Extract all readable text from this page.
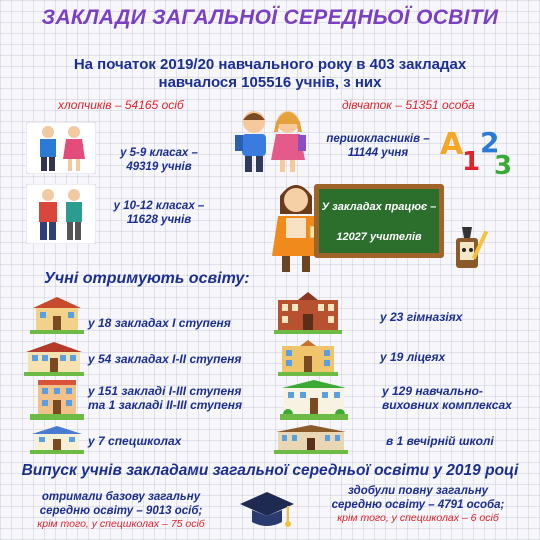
ЗАКЛАДИ ЗАГАЛЬНОЇ СЕРЕДНЬОЇ ОСВІТИ
На початок 2019/20 навчального року в 403 закладах
навчалося 105516 учнів, з них
хлопчиків – 54165 осіб	дівчаток – 51351 особа
у 5-9 класах –
49319 учнів
у 10-12 класах –
11628 учнів
першокласників –
11144 учня	A
1
2
3
У закладах працює –
12027 учителів
Учні отримують освіту:
у 18 закладах І ступеня
у 54 закладах І-ІІ ступеня
у 151 закладі І-ІІІ ступеня
та 1 закладі ІІ-ІІІ ступеня
у 7 спецшколах
у 23 гімназіях
у 19 ліцеях
у 129 навчально-
виховних комплексах
в 1 вечірній школі
Випуск учнів закладами загальної середньої освіти у 2019 році
отримали базову загальну
середню освіту – 9013 осіб;
крім того, у спецшколах – 75 осіб
здобули повну загальну
середню освіту – 4791 особа;
крім того, у спецшколах – 6 осіб
